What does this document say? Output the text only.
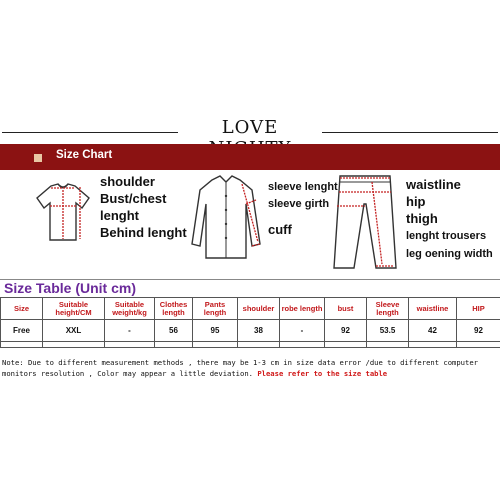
LOVE
Size Chart
shoulder
Bust/chest
lenght
Behind lenght
sleeve lenght
sleeve girth
cuff
waistline
hip
thigh
lenght trousers
leg oening width
Size Table (Unit cm)
Size	Suitable height/CM	Suitable weight/kg	Clothes length	Pants length	shoulder	robe length	bust	Sleeve length	waistline	HIP
Free	XXL	-	56	95	38	-	92	53.5	42	92

Note: Due to different measurement methods , there may be 1-3 cm in size data error /due to different computer monitors resolution , Color may appear a little deviation. Please refer to the size table
